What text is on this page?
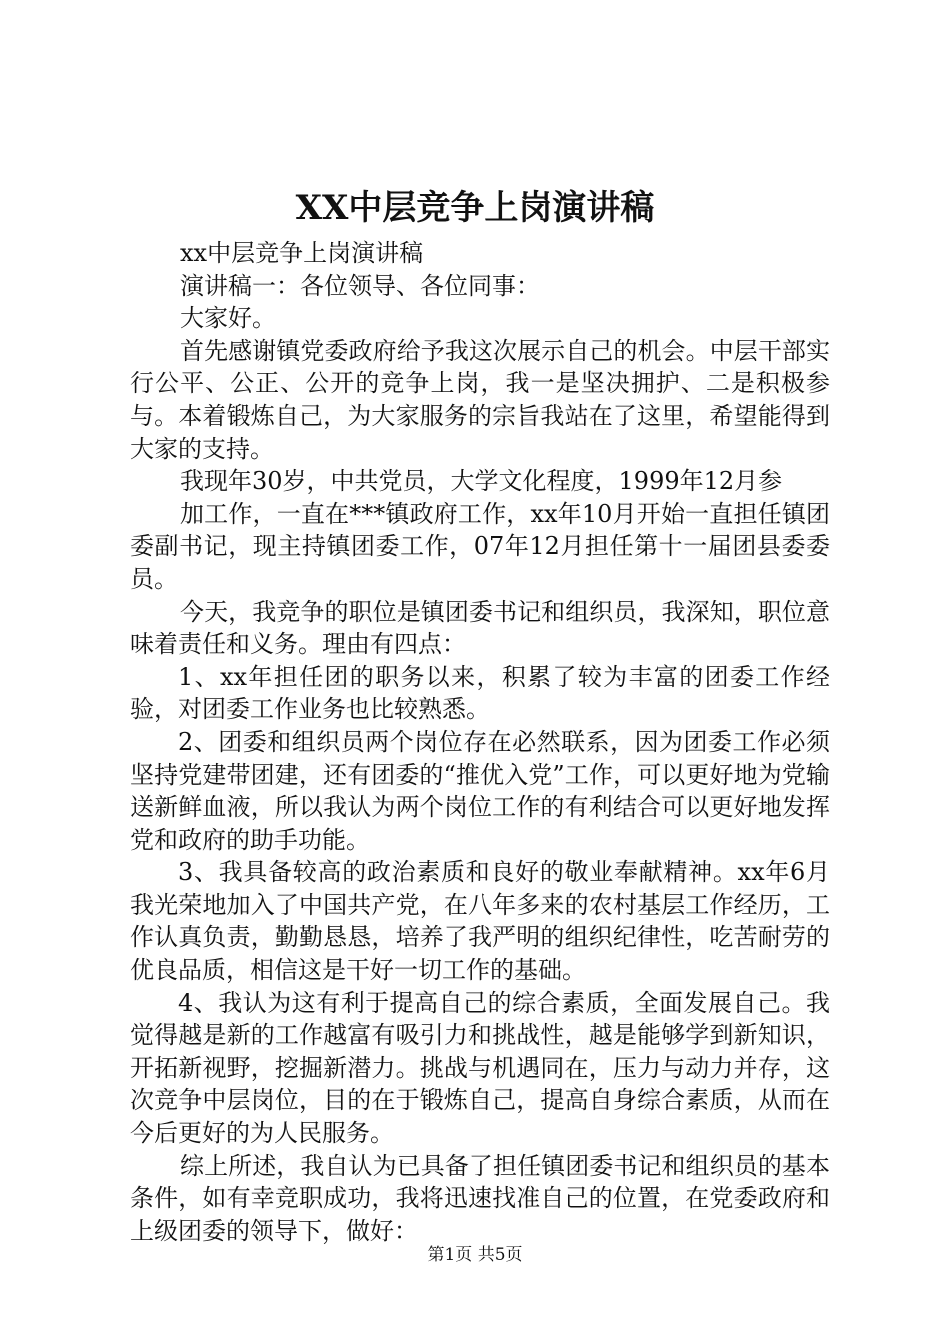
XX中层竞争上岗演讲稿

xx中层竞争上岗演讲稿

演讲稿一：各位领导、各位同事：

大家好。

首先感谢镇党委政府给予我这次展示自己的机会。中层干部实行公平、公正、公开的竞争上岗，我一是坚决拥护、二是积极参与。本着锻炼自己，为大家服务的宗旨我站在了这里，希望能得到大家的支持。

我现年30岁，中共党员，大学文化程度，1999年12月参

加工作，一直在***镇政府工作，xx年10月开始一直担任镇团委副书记，现主持镇团委工作，07年12月担任第十一届团县委委员。

今天，我竞争的职位是镇团委书记和组织员，我深知，职位意味着责任和义务。理由有四点：

1、xx年担任团的职务以来，积累了较为丰富的团委工作经验，对团委工作业务也比较熟悉。

2、团委和组织员两个岗位存在必然联系，因为团委工作必须坚持党建带团建，还有团委的“推优入党”工作，可以更好地为党输送新鲜血液，所以我认为两个岗位工作的有利结合可以更好地发挥党和政府的助手功能。

3、我具备较高的政治素质和良好的敬业奉献精神。xx年6月我光荣地加入了中国共产党，在八年多来的农村基层工作经历，工作认真负责，勤勤恳恳，培养了我严明的组织纪律性，吃苦耐劳的优良品质，相信这是干好一切工作的基础。

4、我认为这有利于提高自己的综合素质，全面发展自己。我觉得越是新的工作越富有吸引力和挑战性，越是能够学到新知识，开拓新视野，挖掘新潜力。挑战与机遇同在，压力与动力并存，这次竞争中层岗位，目的在于锻炼自己，提高自身综合素质，从而在今后更好的为人民服务。

综上所述，我自认为已具备了担任镇团委书记和组织员的基本条件，如有幸竞职成功，我将迅速找准自己的位置，在党委政府和上级团委的领导下，做好：

第1页 共5页
